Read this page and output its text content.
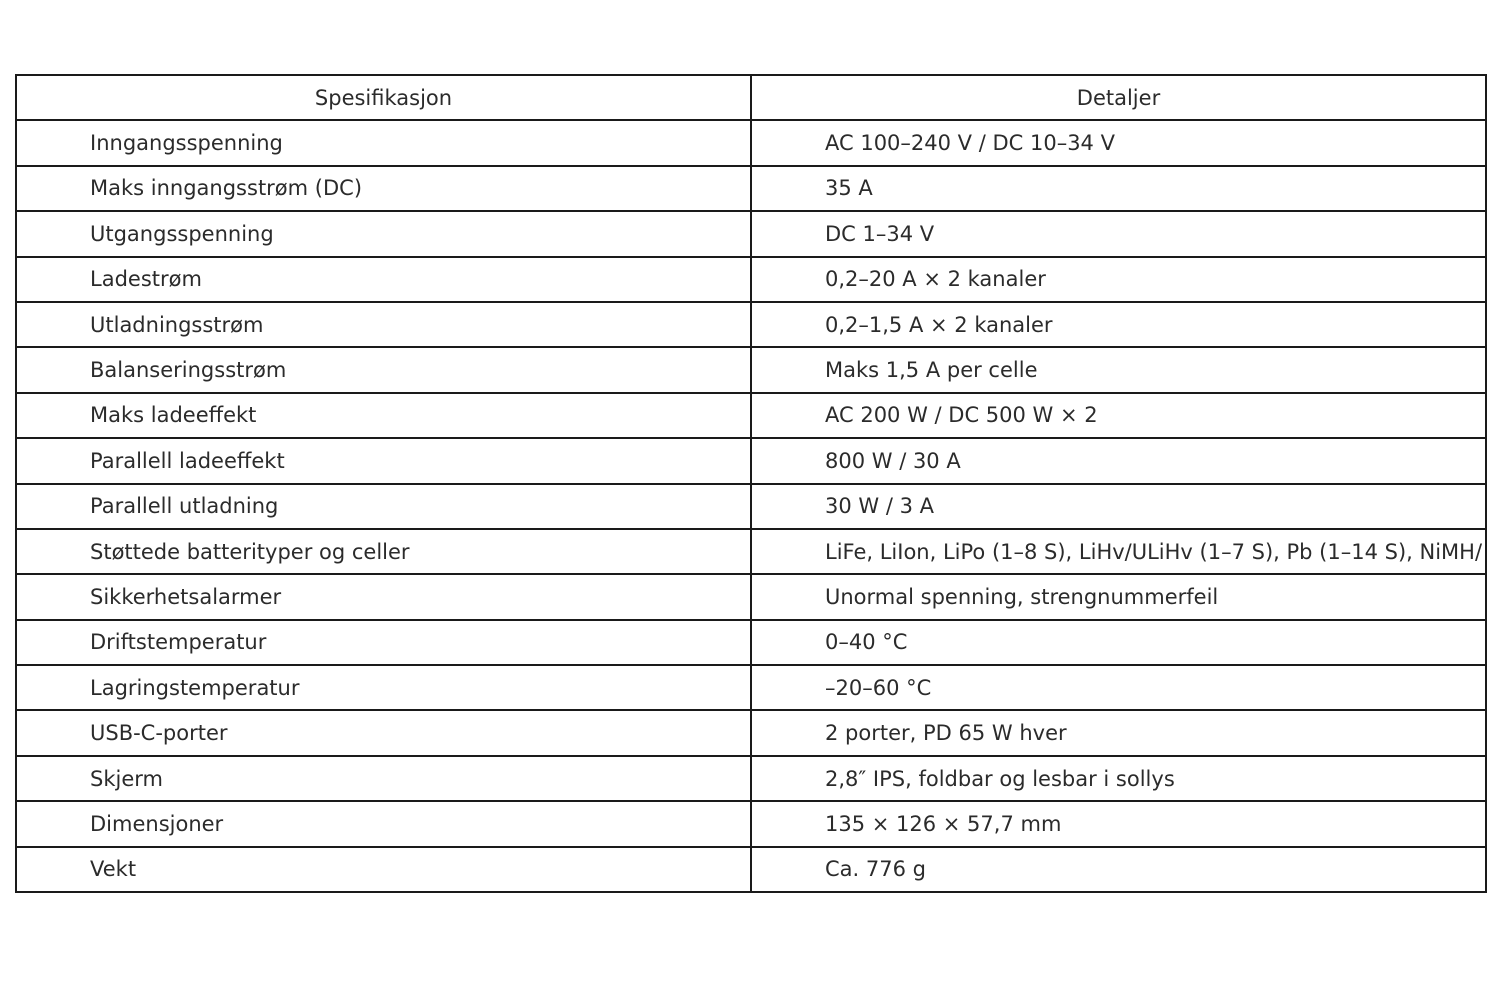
Spesifikasjon	Detaljer
Inngangsspenning	AC 100–240 V / DC 10–34 V
Maks inngangsstrøm (DC)	35 A
Utgangsspenning	DC 1–34 V
Ladestrøm	0,2–20 A × 2 kanaler
Utladningsstrøm	0,2–1,5 A × 2 kanaler
Balanseringsstrøm	Maks 1,5 A per celle
Maks ladeeffekt	AC 200 W / DC 500 W × 2
Parallell ladeeffekt	800 W / 30 A
Parallell utladning	30 W / 3 A
Støttede batterityper og celler	LiFe, LiIon, LiPo (1–8 S), LiHv/ULiHv (1–7 S), Pb (1–14 S), NiMH/
Sikkerhetsalarmer	Unormal spenning, strengnummerfeil
Driftstemperatur	0–40 °C
Lagringstemperatur	–20–60 °C
USB-C-porter	2 porter, PD 65 W hver
Skjerm	2,8″ IPS, foldbar og lesbar i sollys
Dimensjoner	135 × 126 × 57,7 mm
Vekt	Ca. 776 g
